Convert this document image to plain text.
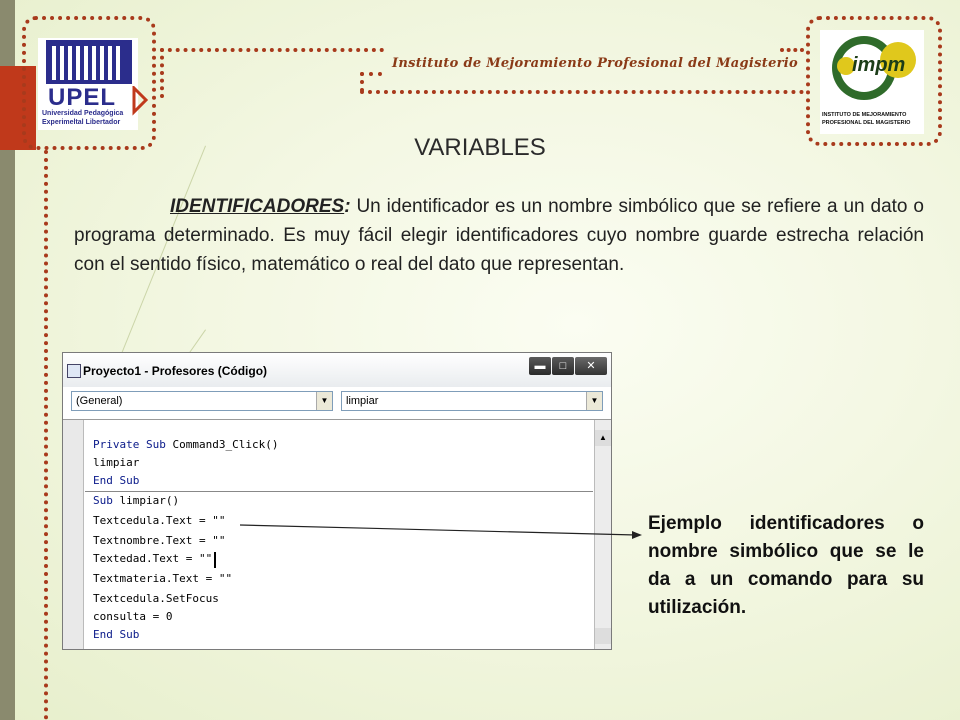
UPEL
Universidad Pedagógica
Experimeltal Libertador
impm
INSTITUTO DE MEJORAMIENTO
PROFESIONAL DEL MAGISTERIO
Instituto de Mejoramiento Profesional del Magisterio
VARIABLES
IDENTIFICADORES: Un identificador es un nombre simbólico que se refiere a un dato o programa determinado. Es muy fácil elegir identificadores cuyo nombre guarde estrecha relación con el sentido físico, matemático o real del dato que representan.
Proyecto1 - Profesores (Código)	▬	□	✕
(General)	▼	limpiar	▼
▲
Private Sub Command3_Click()
limpiar
End Sub
Sub limpiar()
Textcedula.Text = ""
Textnombre.Text = ""
Textedad.Text = ""
Textmateria.Text = ""
Textcedula.SetFocus
consulta = 0
End Sub
Ejemplo identificadores o nombre simbólico que se le da a un comando para su utilización.
